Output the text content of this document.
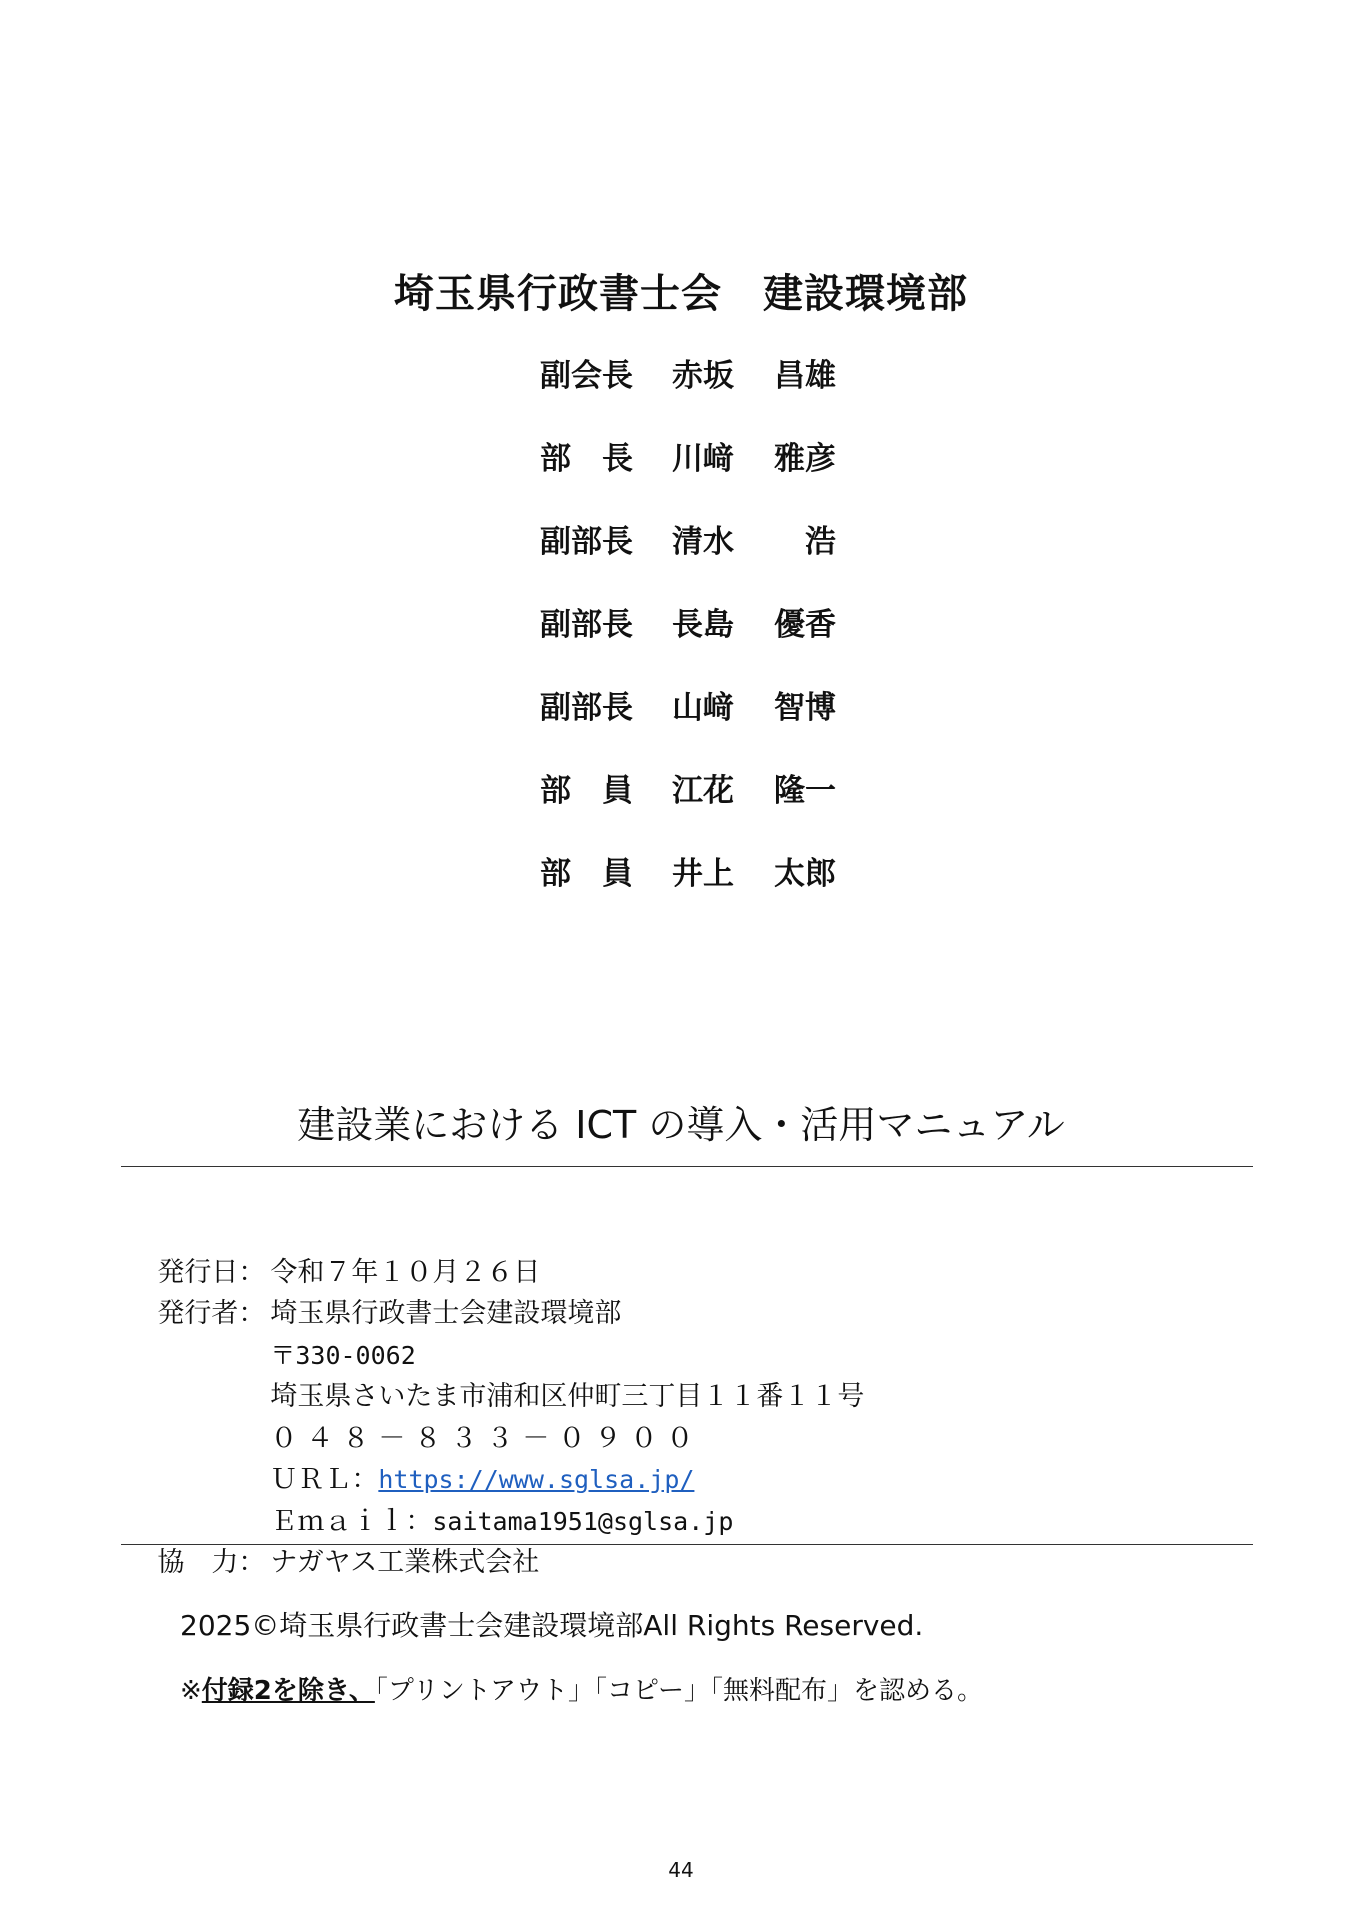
埼玉県行政書士会　建設環境部
副会長	赤坂	昌雄
部　長	川﨑	雅彦
副部長	清水	浩
副部長	長島	優香
副部長	山﨑	智博
部　員	江花	隆一
部　員	井上	太郎
建設業における ICT の導入・活用マニュアル

発行日： 令和７年１０月２６日

発行者： 埼玉県行政書士会建設環境部

〒330-0062

埼玉県さいたま市浦和区仲町三丁目１１番１１号

０４８－８３３－０９００

ＵＲＬ：https://www.sglsa.jp/

Ｅｍａｉｌ：saitama1951@sglsa.jp

協　力： ナガヤス工業株式会社

2025©埼玉県行政書士会建設環境部All Rights Reserved.
※付録2を除き、「プリントアウト」「コピー」「無料配布」を認める。
44
